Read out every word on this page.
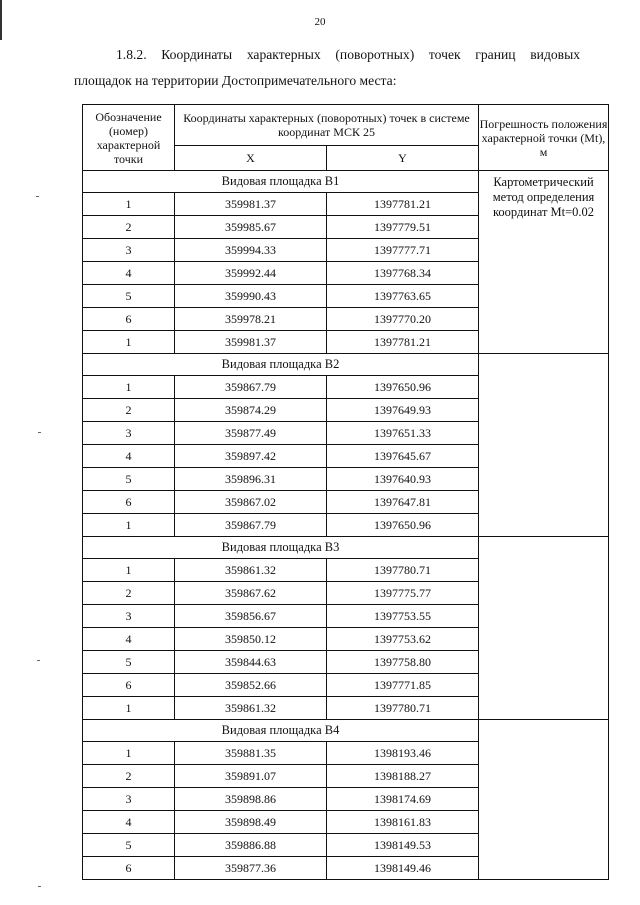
20
1.8.2. Координаты характерных (поворотных) точек границ видовых
площадок на территории Достопримечательного места:
Обозначение (номер) характерной точки	Координаты характерных (поворотных) точек в системе координат МСК 25		Погрешность положения характерной точки (Mt), м
	X	Y	
Видовая площадка В1			Картометрический метод определения координат Mt=0.02
1	359981.37	1397781.21	
2	359985.67	1397779.51	
3	359994.33	1397777.71	
4	359992.44	1397768.34	
5	359990.43	1397763.65	
6	359978.21	1397770.20	
1	359981.37	1397781.21	
Видовая площадка В2			
1	359867.79	1397650.96	
2	359874.29	1397649.93	
3	359877.49	1397651.33	
4	359897.42	1397645.67	
5	359896.31	1397640.93	
6	359867.02	1397647.81	
1	359867.79	1397650.96	
Видовая площадка В3			
1	359861.32	1397780.71	
2	359867.62	1397775.77	
3	359856.67	1397753.55	
4	359850.12	1397753.62	
5	359844.63	1397758.80	
6	359852.66	1397771.85	
1	359861.32	1397780.71	
Видовая площадка В4			
1	359881.35	1398193.46	
2	359891.07	1398188.27	
3	359898.86	1398174.69	
4	359898.49	1398161.83	
5	359886.88	1398149.53	
6	359877.36	1398149.46	
